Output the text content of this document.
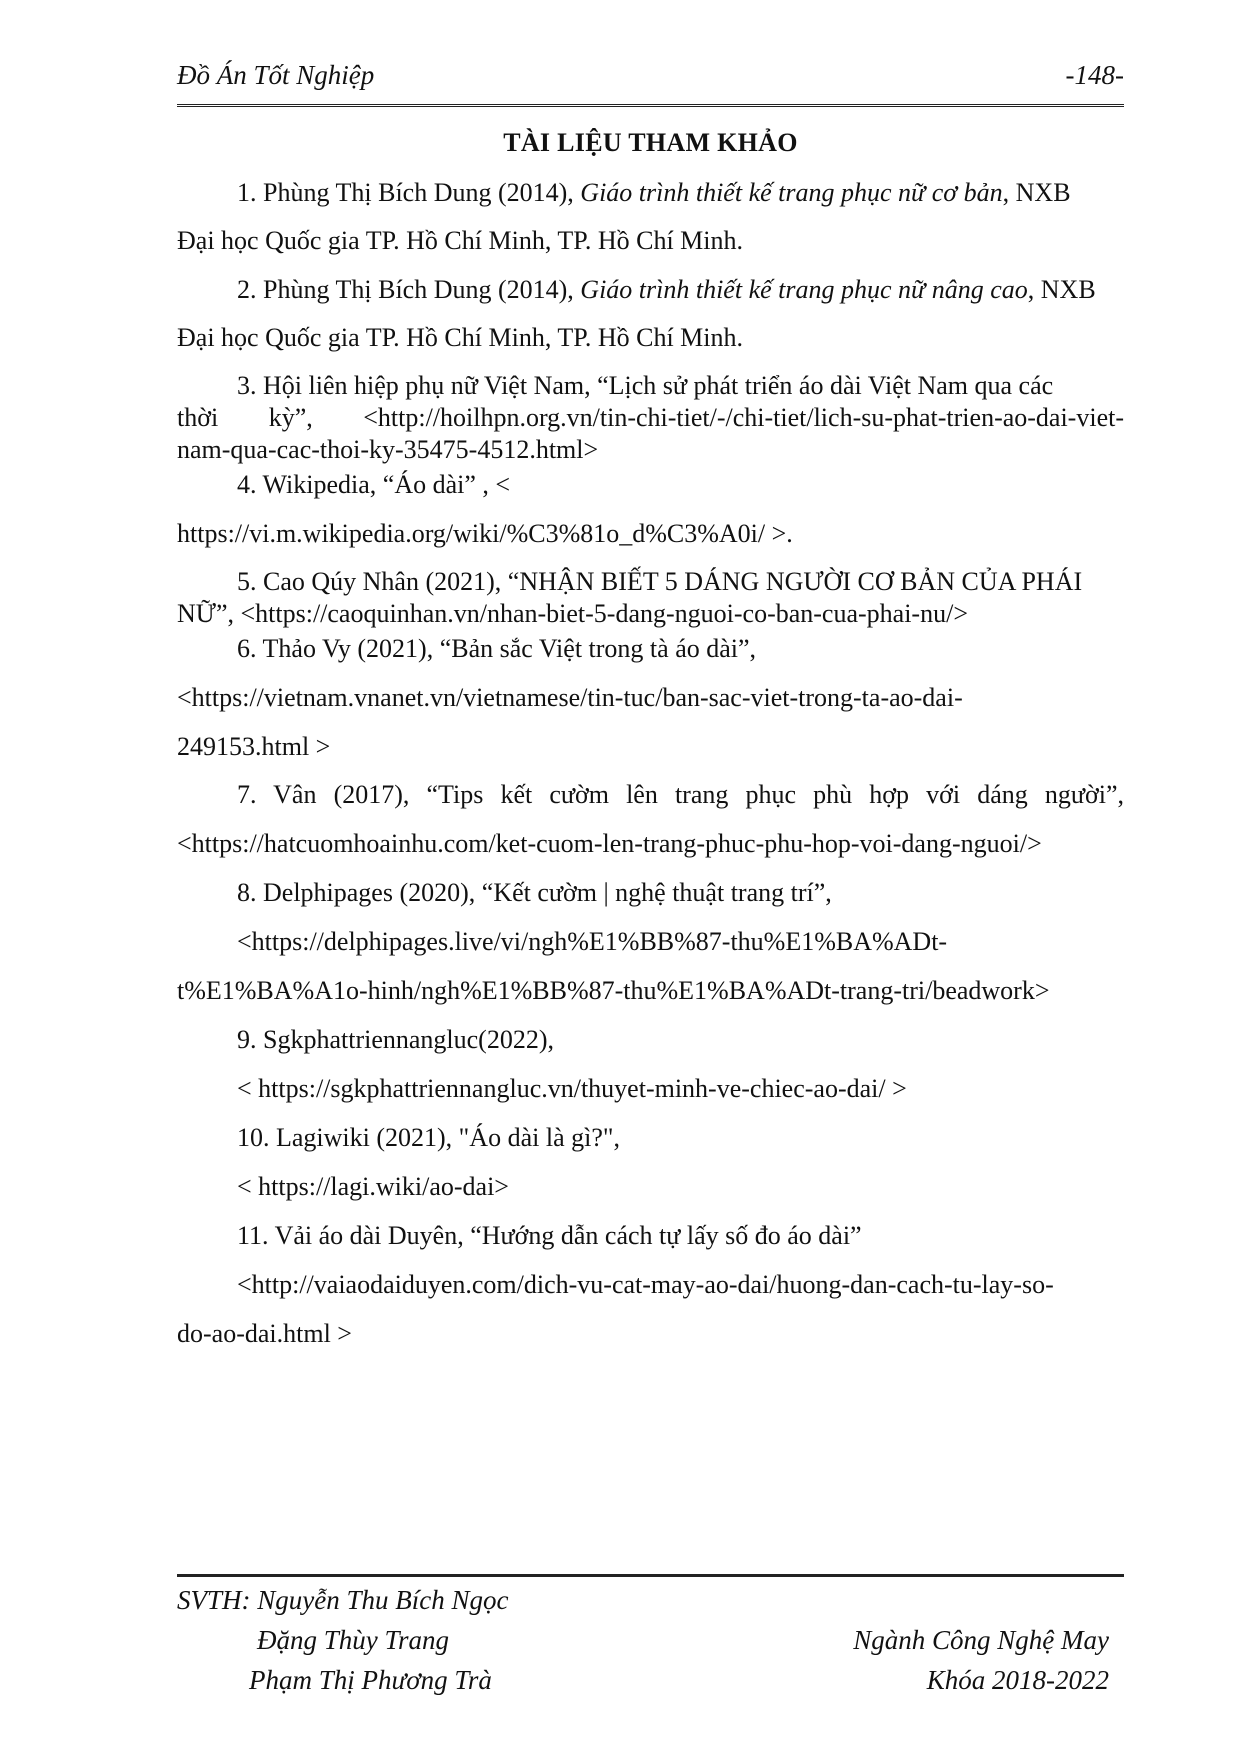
Đồ Án Tốt Nghiệp	-148-
TÀI LIỆU THAM KHẢO
1. Phùng Thị Bích Dung (2014), Giáo trình thiết kế trang phục nữ cơ bản, NXB
Đại học Quốc gia TP. Hồ Chí Minh, TP. Hồ Chí Minh.
2. Phùng Thị Bích Dung (2014), Giáo trình thiết kế trang phục nữ nâng cao, NXB
Đại học Quốc gia TP. Hồ Chí Minh, TP. Hồ Chí Minh.
3. Hội liên hiệp phụ nữ Việt Nam, “Lịch sử phát triển áo dài Việt Nam qua các
thời kỳ”, <http://hoilhpn.org.vn/tin-chi-tiet/-/chi-tiet/lich-su-phat-trien-ao-dai-viet-
nam-qua-cac-thoi-ky-35475-4512.html>
4. Wikipedia, “Áo dài” , <
https://vi.m.wikipedia.org/wiki/%C3%81o_d%C3%A0i/ >.
5. Cao Qúy Nhân (2021), “NHẬN BIẾT 5 DÁNG NGƯỜI CƠ BẢN CỦA PHÁI
NỮ”, <https://caoquinhan.vn/nhan-biet-5-dang-nguoi-co-ban-cua-phai-nu/>
6. Thảo Vy (2021), “Bản sắc Việt trong tà áo dài”,
<https://vietnam.vnanet.vn/vietnamese/tin-tuc/ban-sac-viet-trong-ta-ao-dai-
249153.html >
7. Vân (2017), “Tips kết cườm lên trang phục phù hợp với dáng người”,
<https://hatcuomhoainhu.com/ket-cuom-len-trang-phuc-phu-hop-voi-dang-nguoi/>
8. Delphipages (2020), “Kết cườm | nghệ thuật trang trí”,
<https://delphipages.live/vi/ngh%E1%BB%87-thu%E1%BA%ADt-
t%E1%BA%A1o-hinh/ngh%E1%BB%87-thu%E1%BA%ADt-trang-tri/beadwork>
9. Sgkphattriennangluc(2022),
< https://sgkphattriennangluc.vn/thuyet-minh-ve-chiec-ao-dai/ >
10. Lagiwiki (2021), "Áo dài là gì?",
< https://lagi.wiki/ao-dai>
11. Vải áo dài Duyên, “Hướng dẫn cách tự lấy số đo áo dài”
<http://vaiaodaiduyen.com/dich-vu-cat-may-ao-dai/huong-dan-cach-tu-lay-so-
do-ao-dai.html >
SVTH: Nguyễn Thu Bích Ngọc
Đặng Thùy Trang
Phạm Thị Phương Trà
Ngành Công Nghệ May
Khóa 2018-2022
